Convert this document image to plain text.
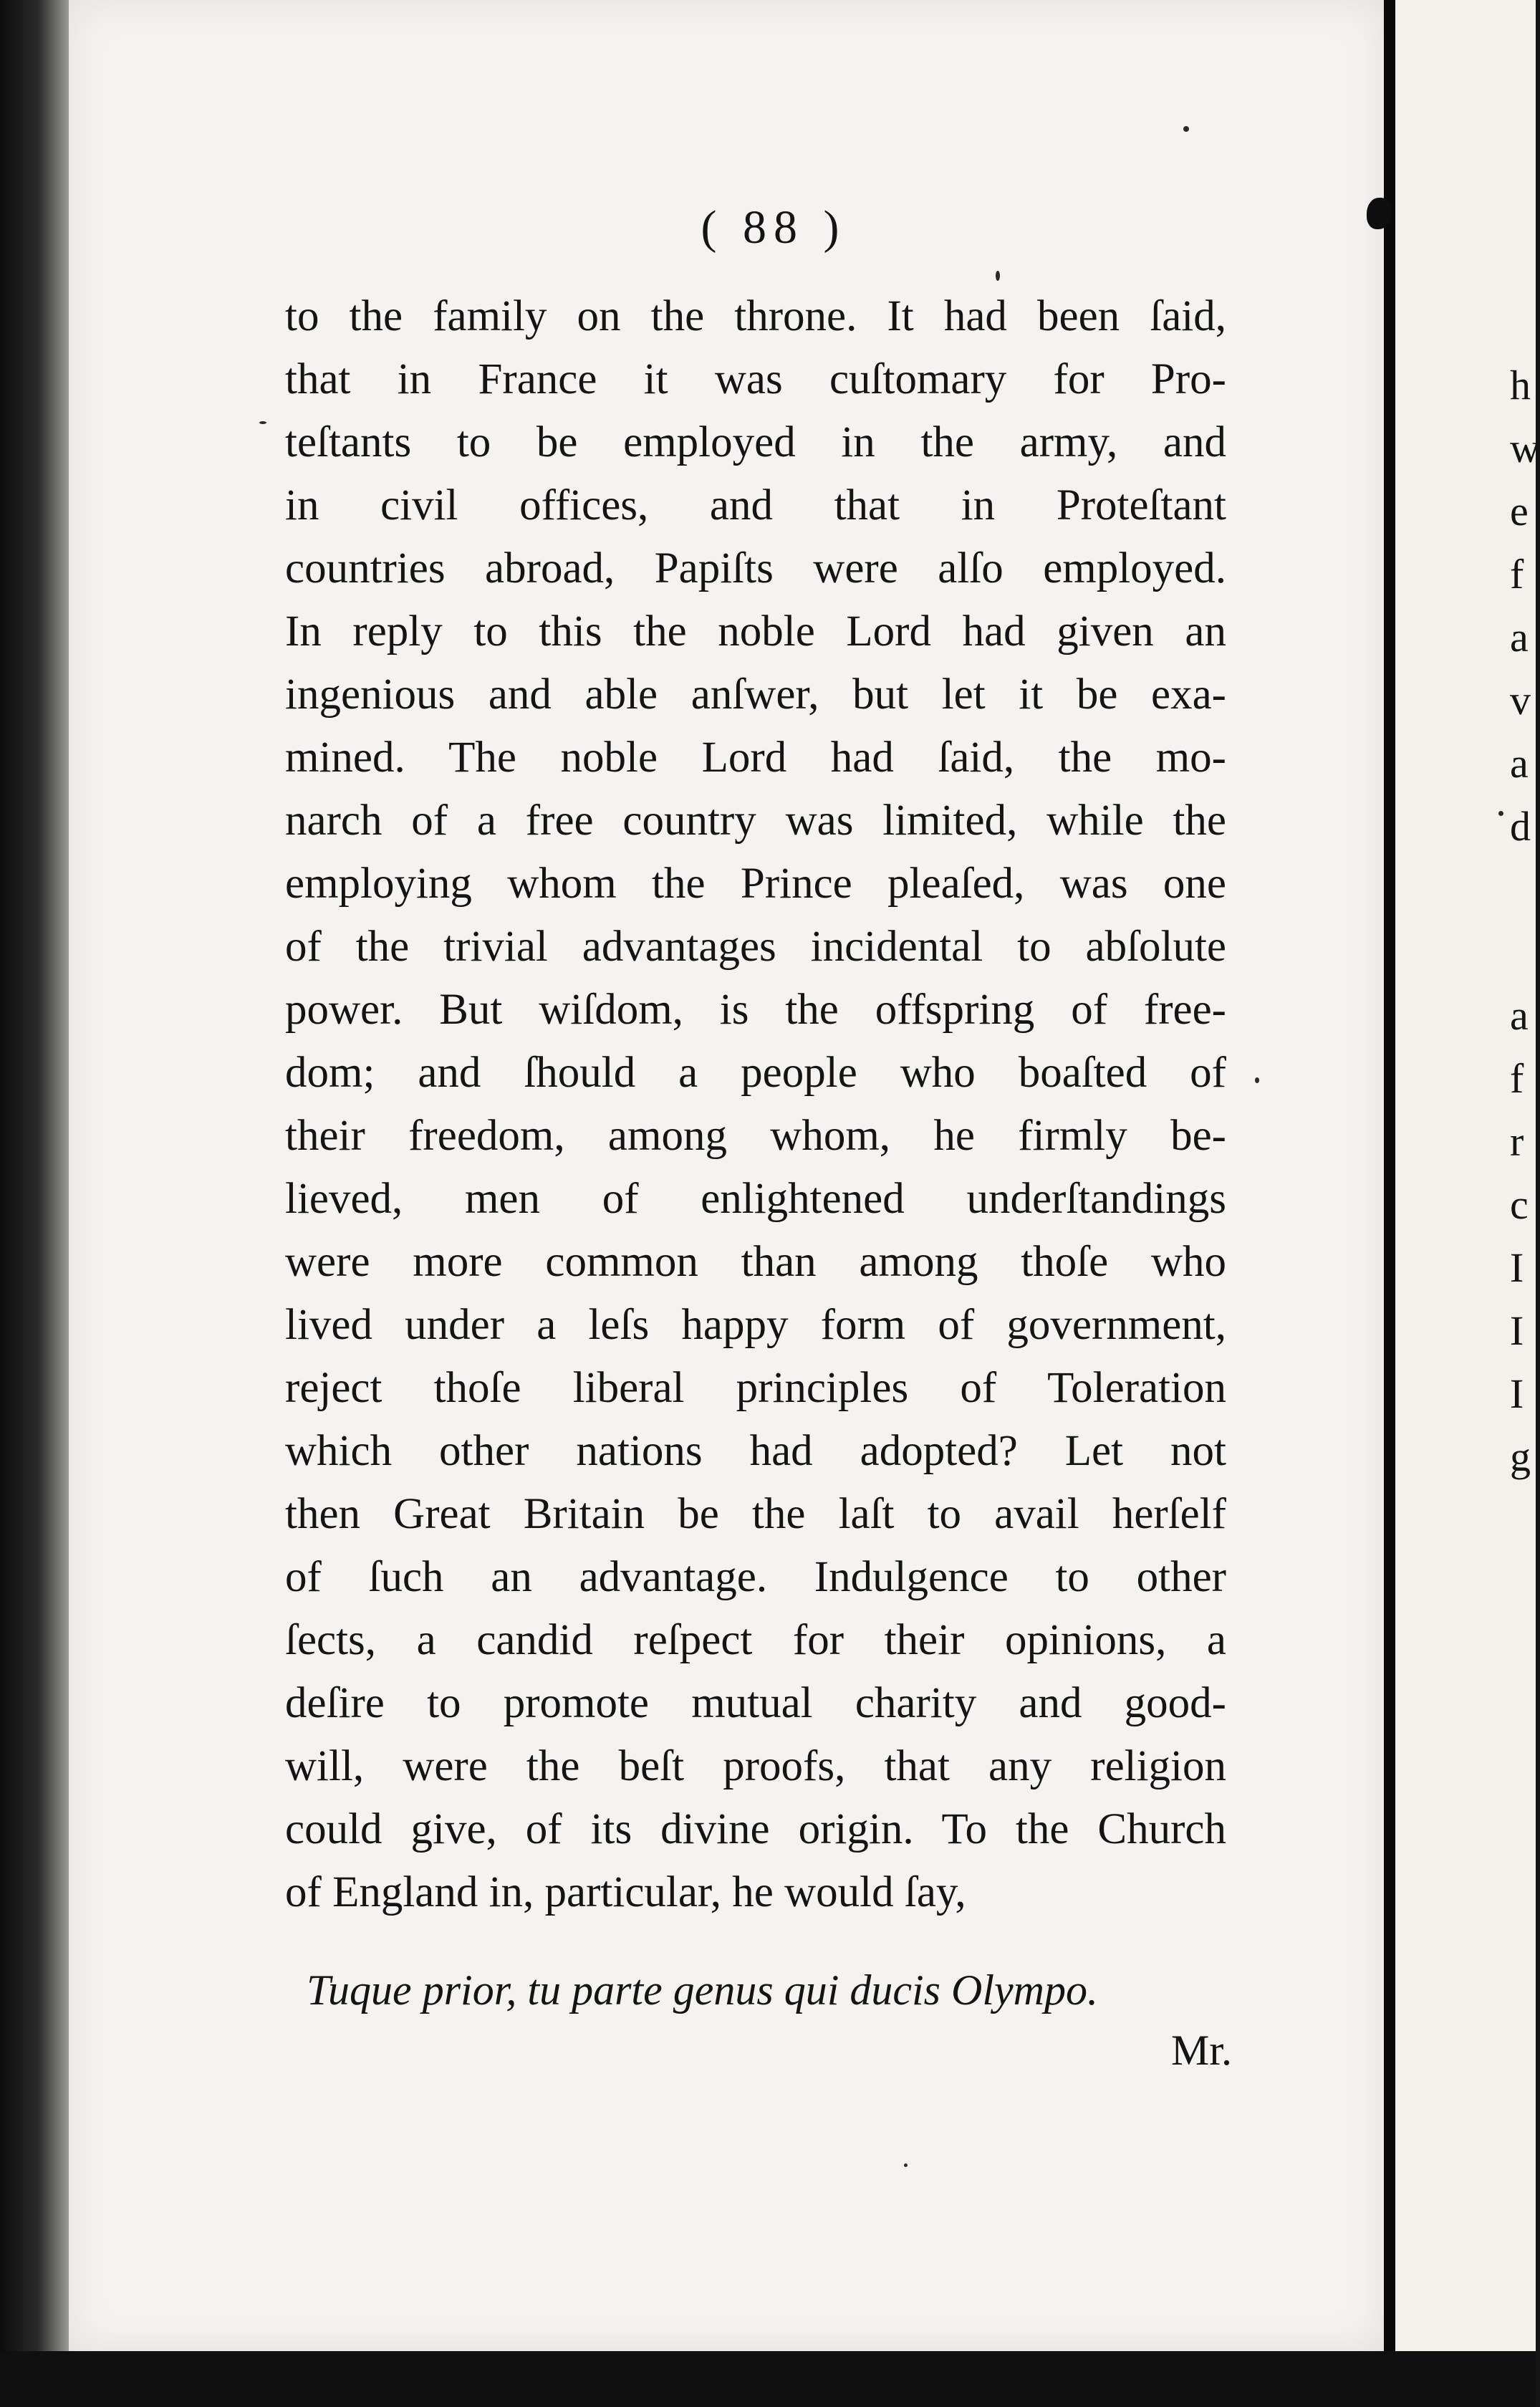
( 88 )
to the family on the throne. It had been ſaid,
that in France it was cuſtomary for Pro-
teſtants to be employed in the army, and
in civil offices, and that in Proteſtant
countries abroad, Papiſts were alſo employed.
In reply to this the noble Lord had given an
ingenious and able anſwer, but let it be exa-
mined. The noble Lord had ſaid, the mo-
narch of a free country was limited, while the
employing whom the Prince pleaſed, was one
of the trivial advantages incidental to abſolute
power. But wiſdom, is the offspring of free-
dom; and ſhould a people who boaſted of
their freedom, among whom, he firmly be-
lieved, men of enlightened underſtandings
were more common than among thoſe who
lived under a leſs happy form of government,
reject thoſe liberal principles of Toleration
which other nations had adopted? Let not
then Great Britain be the laſt to avail herſelf
of ſuch an advantage. Indulgence to other
ſects, a candid reſpect for their opinions, a
deſire to promote mutual charity and good-
will, were the beſt proofs, that any religion
could give, of its divine origin. To the Church
of England in, particular, he would ſay,
Tuque prior, tu parte genus qui ducis Olympo.
Mr.
h
w
e
f
a
v
a
d
a
f
r
c
I
I
I
g
